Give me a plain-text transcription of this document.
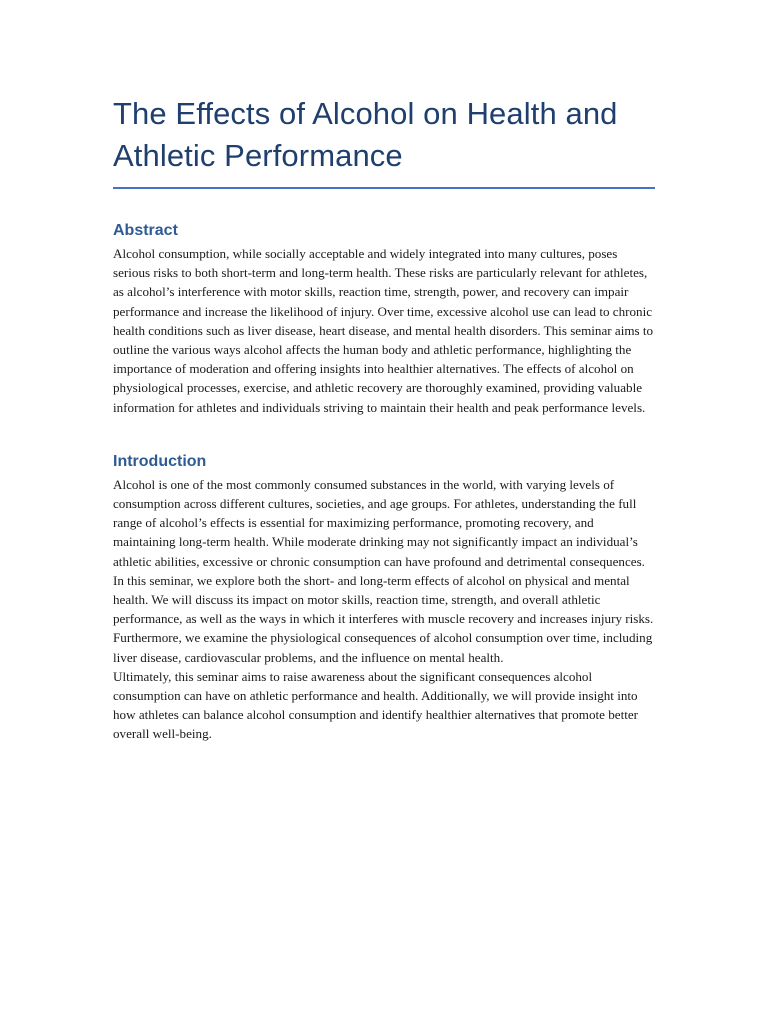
The Effects of Alcohol on Health and
Athletic Performance
Abstract

Alcohol consumption, while socially acceptable and widely integrated into many cultures, poses serious risks to both short-term and long-term health. These risks are particularly relevant for athletes, as alcohol’s interference with motor skills, reaction time, strength, power, and recovery can impair performance and increase the likelihood of injury. Over time, excessive alcohol use can lead to chronic health conditions such as liver disease, heart disease, and mental health disorders. This seminar aims to outline the various ways alcohol affects the human body and athletic performance, highlighting the importance of moderation and offering insights into healthier alternatives. The effects of alcohol on physiological processes, exercise, and athletic recovery are thoroughly examined, providing valuable information for athletes and individuals striving to maintain their health and peak performance levels.

Introduction

Alcohol is one of the most commonly consumed substances in the world, with varying levels of consumption across different cultures, societies, and age groups. For athletes, understanding the full range of alcohol’s effects is essential for maximizing performance, promoting recovery, and maintaining long-term health. While moderate drinking may not significantly impact an individual’s athletic abilities, excessive or chronic consumption can have profound and detrimental consequences.

In this seminar, we explore both the short- and long-term effects of alcohol on physical and mental health. We will discuss its impact on motor skills, reaction time, strength, and overall athletic performance, as well as the ways in which it interferes with muscle recovery and increases injury risks. Furthermore, we examine the physiological consequences of alcohol consumption over time, including liver disease, cardiovascular problems, and the influence on mental health.

Ultimately, this seminar aims to raise awareness about the significant consequences alcohol consumption can have on athletic performance and health. Additionally, we will provide insight into how athletes can balance alcohol consumption and identify healthier alternatives that promote better overall well-being.
